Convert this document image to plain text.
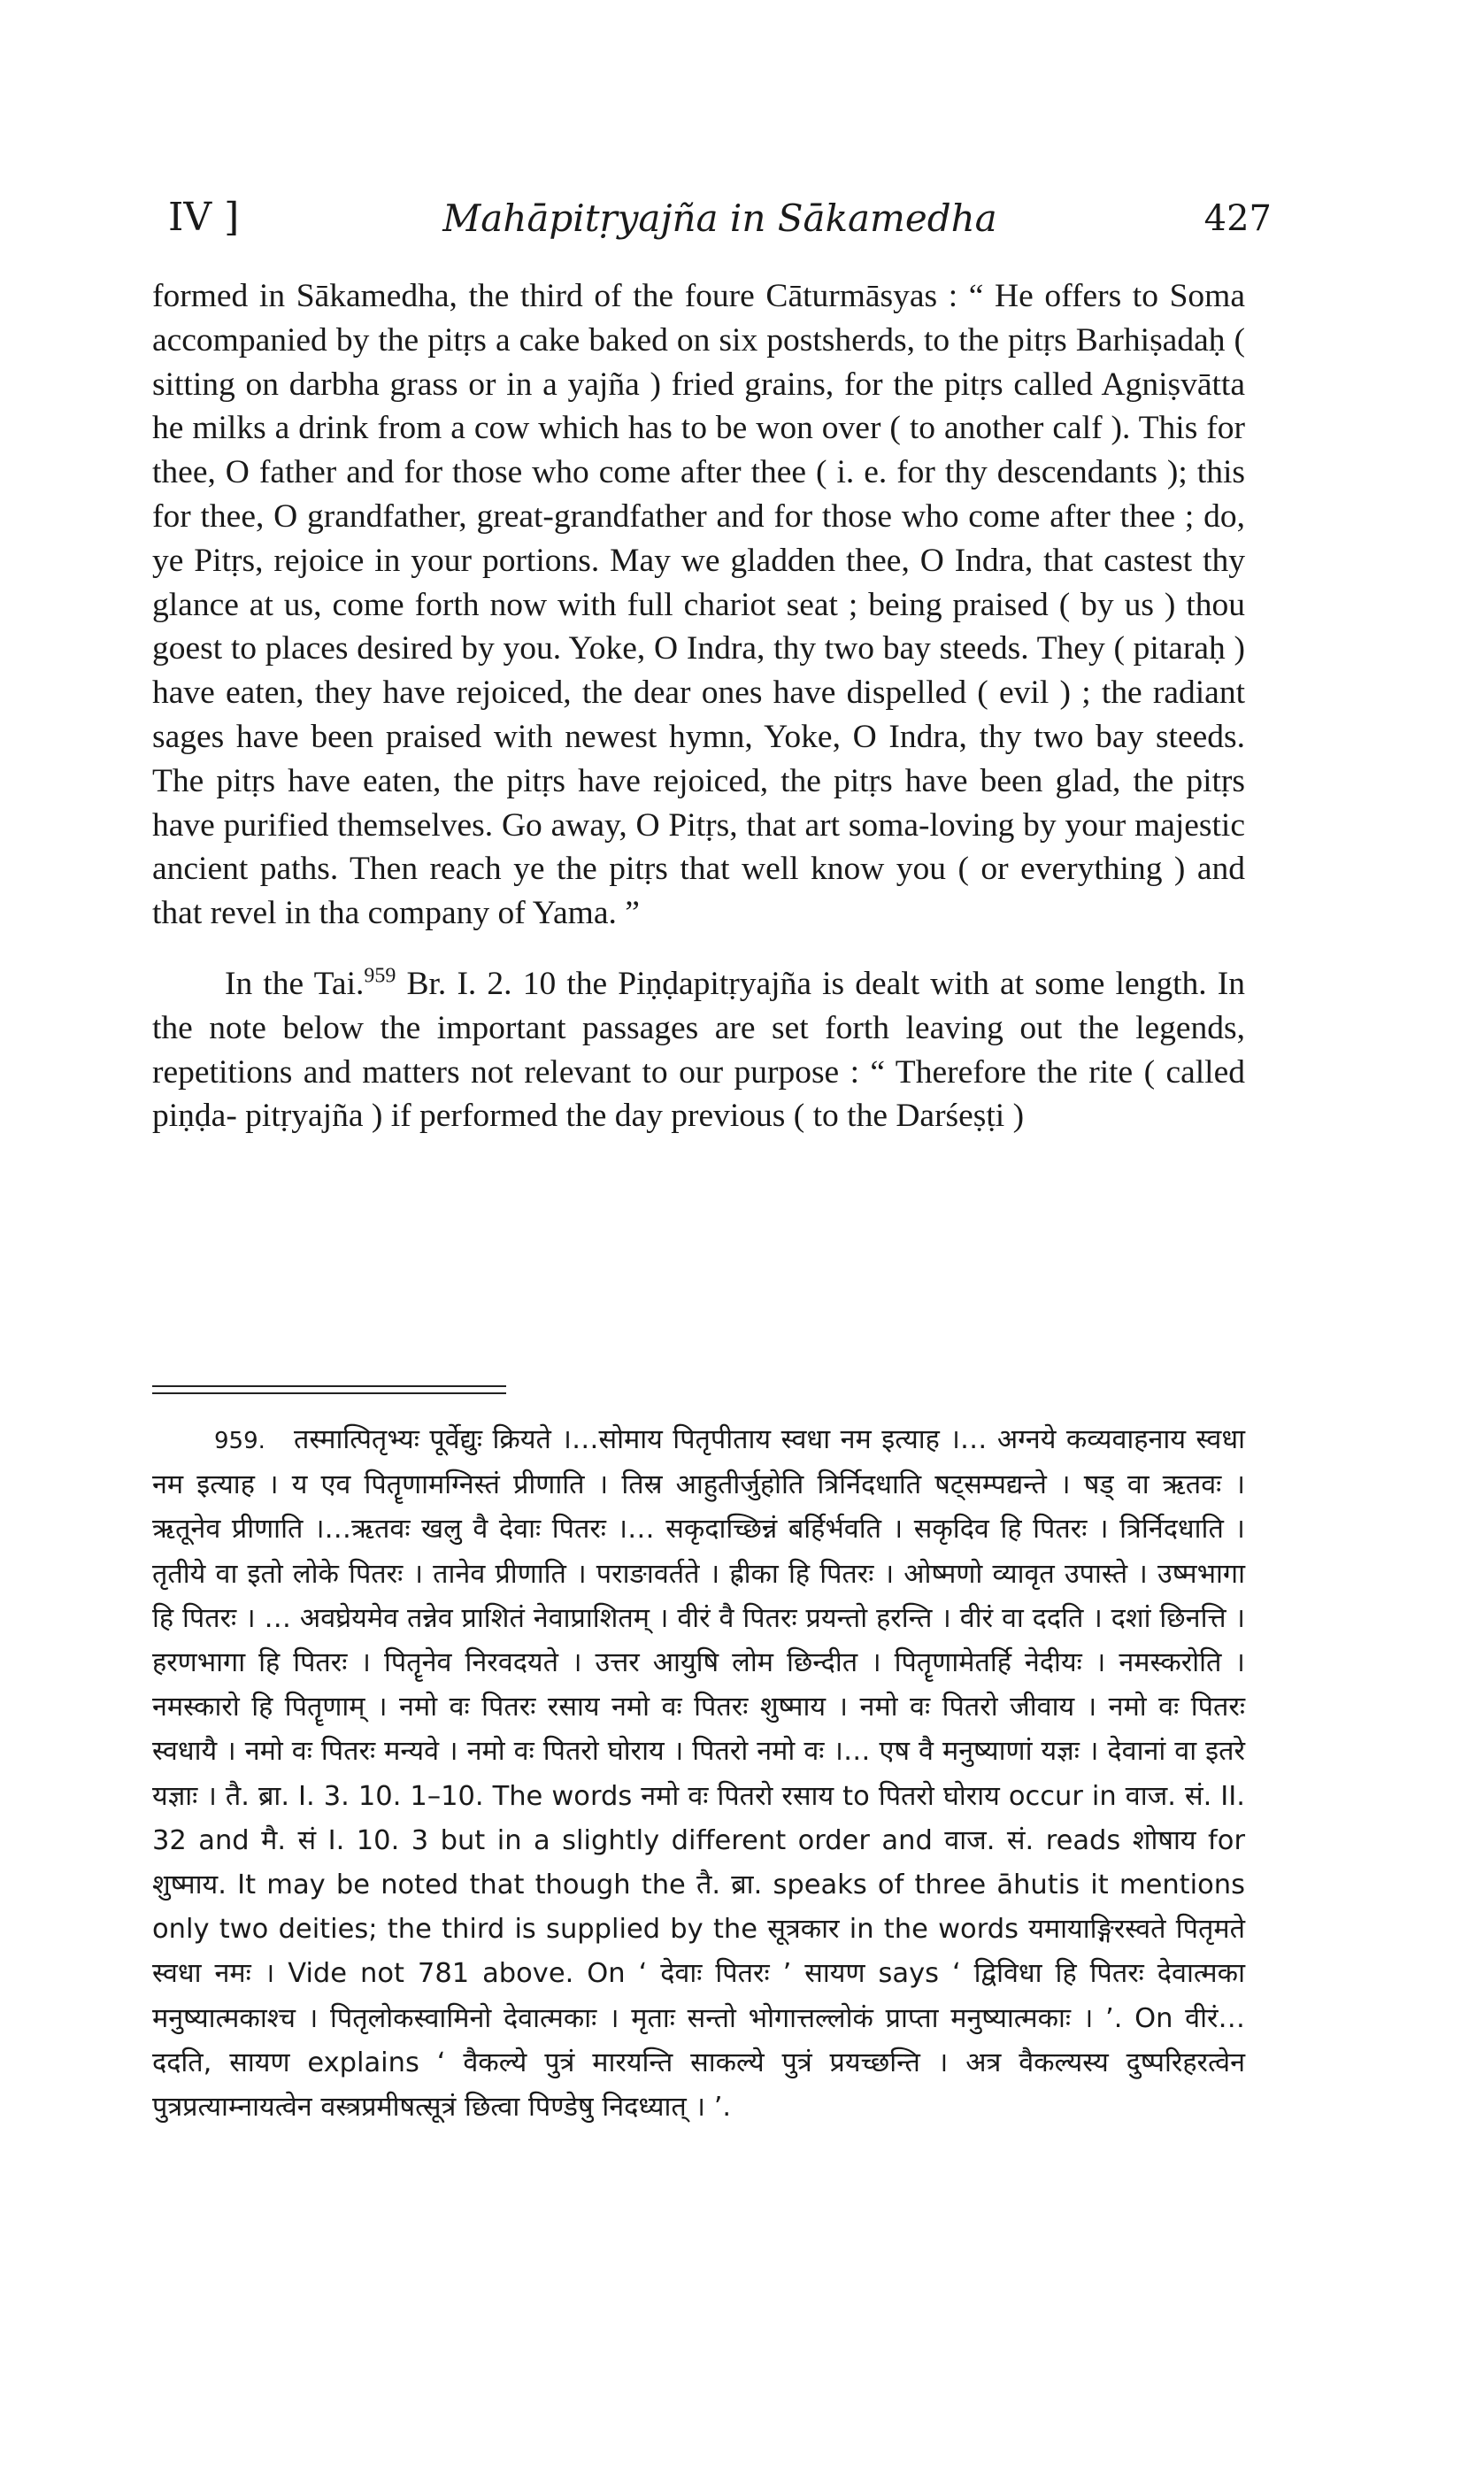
IV ]	Mahāpitṛyajña in Sākamedha	427

formed in Sākamedha, the third of the foure Cāturmāsyas : “ He offers to Soma accompanied by the pitṛs a cake baked on six postsherds, to the pitṛs Barhiṣadaḥ ( sitting on darbha grass or in a yajña ) fried grains, for the pitṛs called Agniṣvātta he milks a drink from a cow which has to be won over ( to another calf ). This for thee, O father and for those who come after thee ( i. e. for thy descendants ); this for thee, O grandfather, great-grandfather and for those who come after thee ; do, ye Pitṛs, rejoice in your portions. May we gladden thee, O Indra, that castest thy glance at us, come forth now with full chariot seat ; being praised ( by us ) thou goest to places desired by you. Yoke, O Indra, thy two bay steeds. They ( pitaraḥ ) have eaten, they have rejoiced, the dear ones have dispelled ( evil ) ; the radiant sages have been praised with newest hymn, Yoke, O Indra, thy two bay steeds. The pitṛs have eaten, the pitṛs have rejoiced, the pitṛs have been glad, the pitṛs have purified themselves. Go away, O Pitṛs, that art soma-loving by your majestic ancient paths. Then reach ye the pitṛs that well know you ( or everything ) and that revel in tha company of Yama. ”

In the Tai.$^{959}$ Br. I. 2. 10 the Piṇḍapitṛyajña is dealt with at some length. In the note below the important passages are set forth leaving out the legends, repetitions and matters not relevant to our purpose : “ Therefore the rite ( called piṇḍa- pitṛyajña ) if performed the day previous ( to the Darśeṣṭi )

959. तस्मात्पितृभ्यः पूर्वेद्युः क्रियते ।…सोमाय पितृपीताय स्वधा नम इत्याह ।… अग्नये कव्यवाहनाय स्वधा नम इत्याह । य एव पितॄणामग्निस्तं प्रीणाति । तिस्र आहुतीर्जुहोति त्रिर्निदधाति षट्सम्पद्यन्ते । षड् वा ऋतवः । ऋतूनेव प्रीणाति ।…ऋतवः खलु वै देवाः पितरः ।… सकृदाच्छिन्नं बर्हिर्भवति । सकृदिव हि पितरः । त्रिर्निदधाति । तृतीये वा इतो लोके पितरः । तानेव प्रीणाति । पराङावर्तते । ह्रीका हि पितरः । ओष्मणो व्यावृत उपास्ते । उष्मभागा हि पितरः । … अवघ्रेयमेव तन्नेव प्राशितं नेवाप्राशितम् । वीरं वै पितरः प्रयन्तो हरन्ति । वीरं वा ददति । दशां छिनत्ति । हरणभागा हि पितरः । पितॄनेव निरवदयते । उत्तर आयुषि लोम छिन्दीत । पितॄणामेतर्हि नेदीयः । नमस्करोति । नमस्कारो हि पितॄणाम् । नमो वः पितरः रसाय नमो वः पितरः शुष्माय । नमो वः पितरो जीवाय । नमो वः पितरः स्वधायै । नमो वः पितरः मन्यवे । नमो वः पितरो घोराय । पितरो नमो वः ।… एष वै मनुष्याणां यज्ञः । देवानां वा इतरे यज्ञाः । तै. ब्रा. I. 3. 10. 1–10. The words नमो वः पितरो रसाय to पितरो घोराय occur in वाज. सं. II. 32 and मै. सं I. 10. 3 but in a slightly different order and वाज. सं. reads शोषाय for शुष्माय. It may be noted that though the तै. ब्रा. speaks of three āhutis it mentions only two deities; the third is supplied by the सूत्रकार in the words यमायाङ्गिरस्वते पितृमते स्वधा नमः । Vide not 781 above. On ‘ देवाः पितरः ’ सायण says ‘ द्विविधा हि पितरः देवात्मका मनुष्यात्मकाश्च । पितृलोकस्वामिनो देवात्मकाः । मृताः सन्तो भोगात्तल्लोकं प्राप्ता मनुष्यात्मकाः । ’. On वीरं…ददति, सायण explains ‘ वैकल्ये पुत्रं मारयन्ति साकल्ये पुत्रं प्रयच्छन्ति । अत्र वैकल्यस्य दुष्परिहरत्वेन पुत्रप्रत्याम्नायत्वेन वस्त्रप्रमीषत्सूत्रं छित्वा पिण्डेषु निदध्यात् । ’.
